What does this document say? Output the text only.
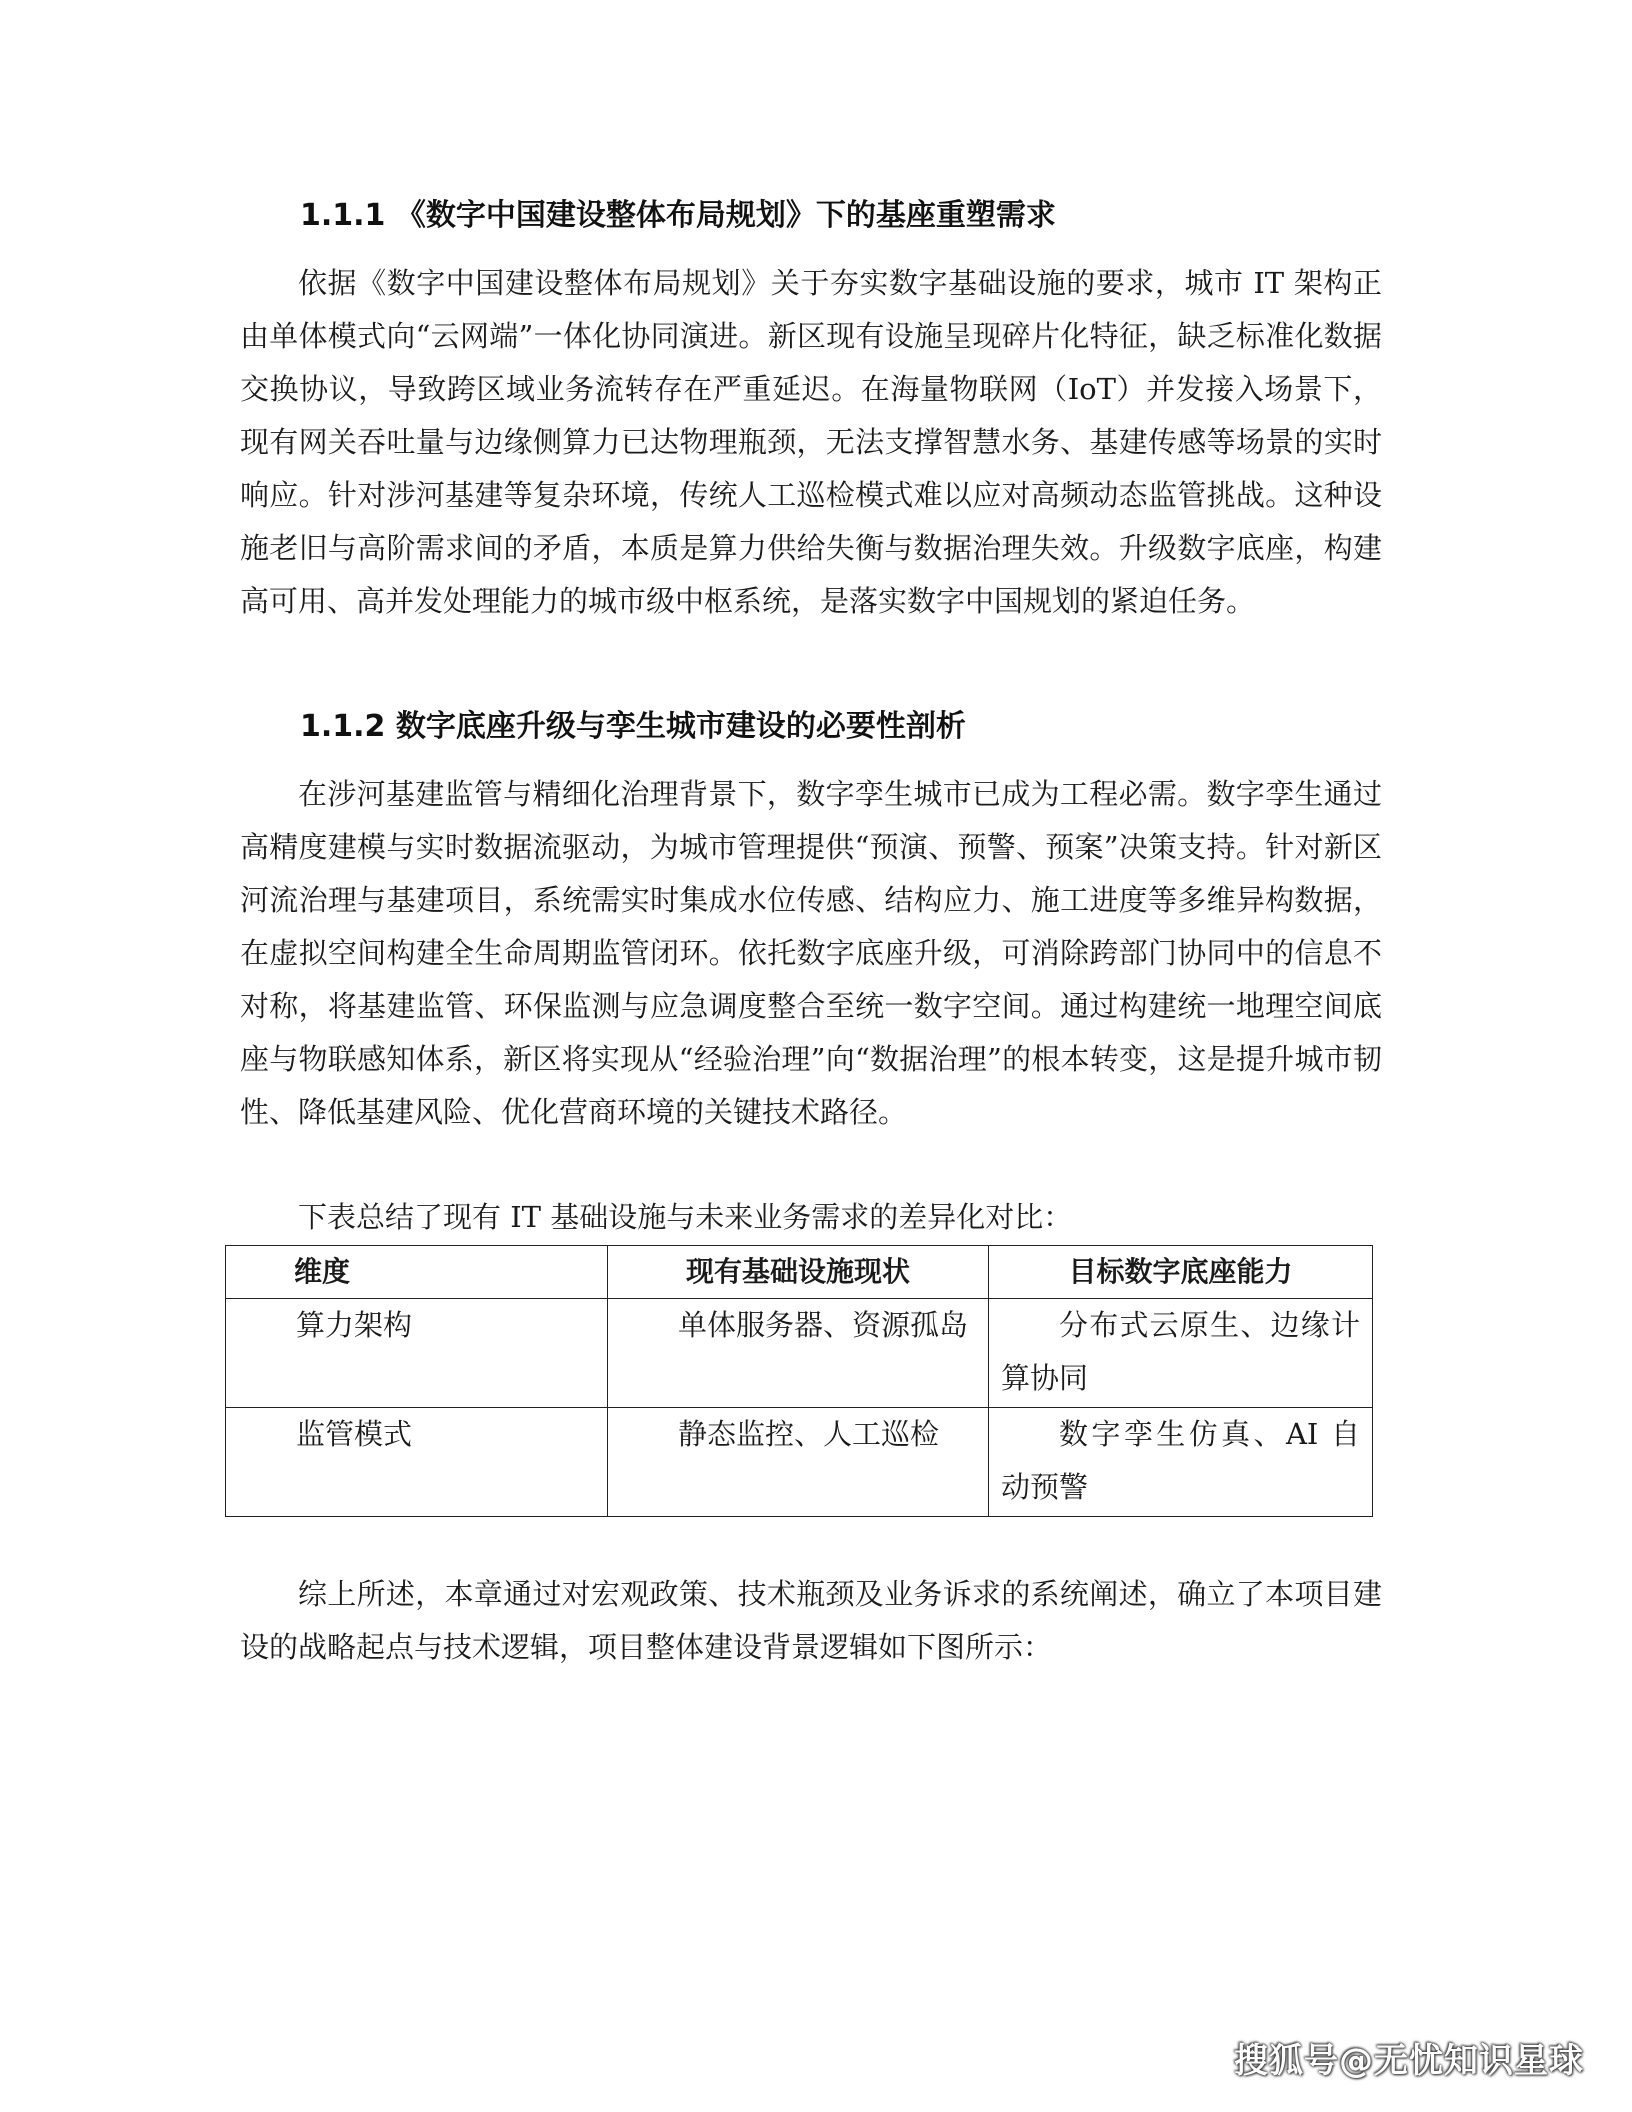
1.1.1 《数字中国建设整体布局规划》下的基座重塑需求

依据《数字中国建设整体布局规划》关于夯实数字基础设施的要求，城市 IT 架构正由单体模式向“云网端”一体化协同演进。新区现有设施呈现碎片化特征，缺乏标准化数据交换协议，导致跨区域业务流转存在严重延迟。在海量物联网（IoT）并发接入场景下，现有网关吞吐量与边缘侧算力已达物理瓶颈，无法支撑智慧水务、基建传感等场景的实时响应。针对涉河基建等复杂环境，传统人工巡检模式难以应对高频动态监管挑战。这种设施老旧与高阶需求间的矛盾，本质是算力供给失衡与数据治理失效。升级数字底座，构建高可用、高并发处理能力的城市级中枢系统，是落实数字中国规划的紧迫任务。

1.1.2 数字底座升级与孪生城市建设的必要性剖析

在涉河基建监管与精细化治理背景下，数字孪生城市已成为工程必需。数字孪生通过高精度建模与实时数据流驱动，为城市管理提供“预演、预警、预案”决策支持。针对新区河流治理与基建项目，系统需实时集成水位传感、结构应力、施工进度等多维异构数据，在虚拟空间构建全生命周期监管闭环。依托数字底座升级，可消除跨部门协同中的信息不对称，将基建监管、环保监测与应急调度整合至统一数字空间。通过构建统一地理空间底座与物联感知体系，新区将实现从“经验治理”向“数据治理”的根本转变，这是提升城市韧性、降低基建风险、优化营商环境的关键技术路径。

下表总结了现有 IT 基础设施与未来业务需求的差异化对比：

维度	现有基础设施现状	目标数字底座能力

算力架构	单体服务器、资源孤岛	分布式云原生、边缘计算协同

监管模式	静态监控、人工巡检	数字孪生仿真、AI 自动预警

综上所述，本章通过对宏观政策、技术瓶颈及业务诉求的系统阐述，确立了本项目建设的战略起点与技术逻辑，项目整体建设背景逻辑如下图所示：

搜狐号@无忧知识星球
